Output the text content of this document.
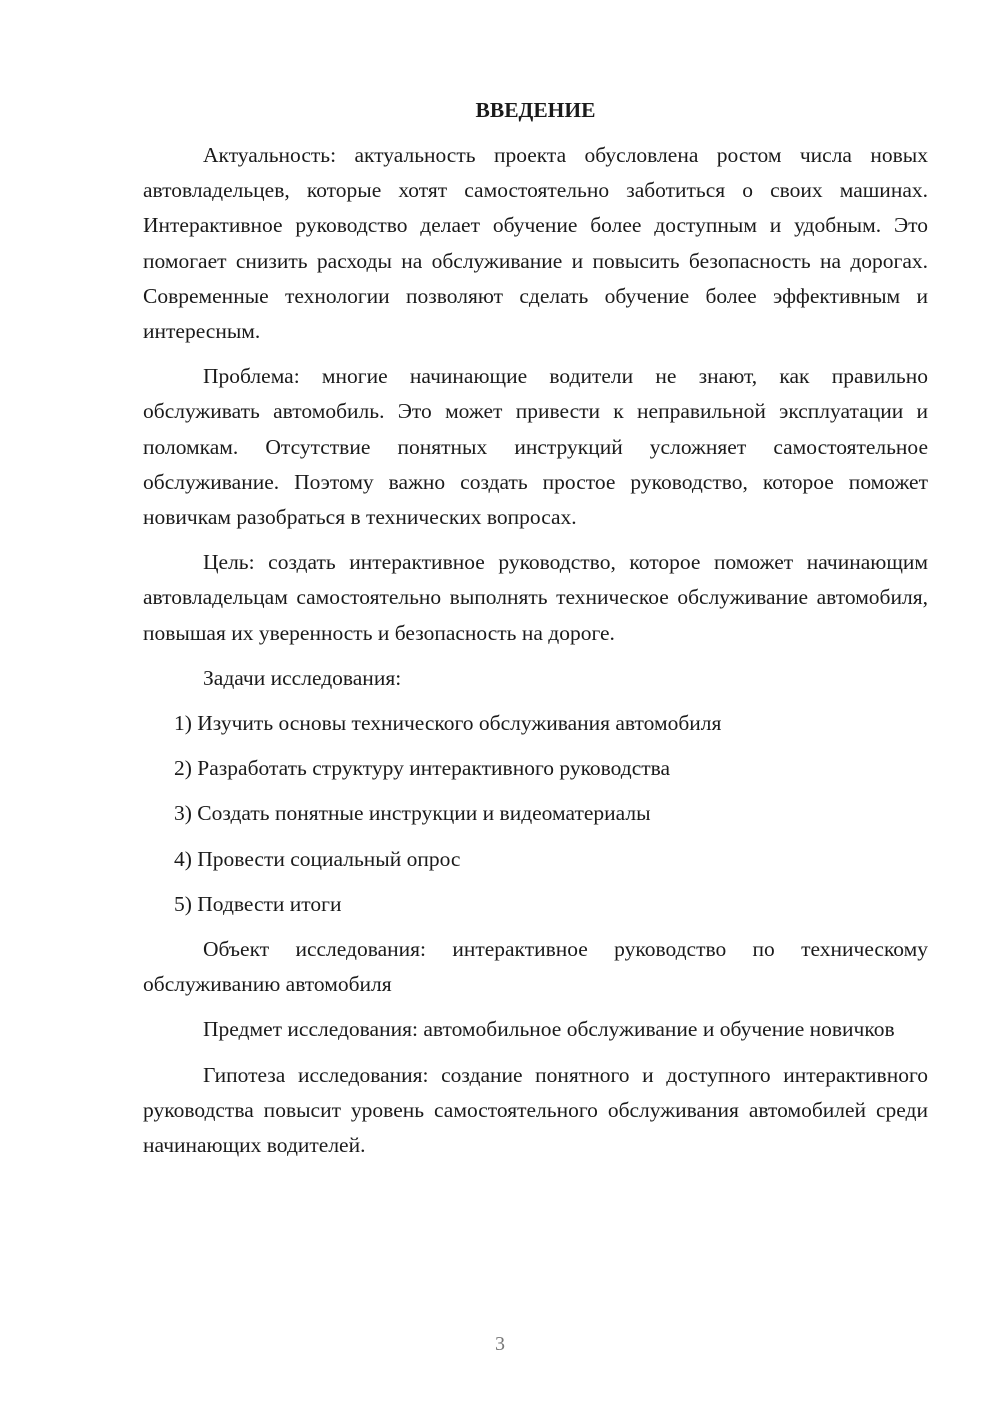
ВВЕДЕНИЕ

Актуальность: актуальность проекта обусловлена ростом числа новых автовладельцев, которые хотят самостоятельно заботиться о своих машинах. Интерактивное руководство делает обучение более доступным и удобным. Это помогает снизить расходы на обслуживание и повысить безопасность на дорогах. Современные технологии позволяют сделать обучение более эффективным и интересным.

Проблема: многие начинающие водители не знают, как правильно обслуживать автомобиль. Это может привести к неправильной эксплуатации и поломкам. Отсутствие понятных инструкций усложняет самостоятельное обслуживание. Поэтому важно создать простое руководство, которое поможет новичкам разобраться в технических вопросах.

Цель: создать интерактивное руководство, которое поможет начинающим автовладельцам самостоятельно выполнять техническое обслуживание автомобиля, повышая их уверенность и безопасность на дороге.

Задачи исследования:

1) Изучить основы технического обслуживания автомобиля
2) Разработать структуру интерактивного руководства
3) Создать понятные инструкции и видеоматериалы
4) Провести социальный опрос
5) Подвести итоги

Объект исследования: интерактивное руководство по техническому обслуживанию автомобиля

Предмет исследования: автомобильное обслуживание и обучение новичков

Гипотеза исследования: создание понятного и доступного интерактивного руководства повысит уровень самостоятельного обслуживания автомобилей среди начинающих водителей.

3
